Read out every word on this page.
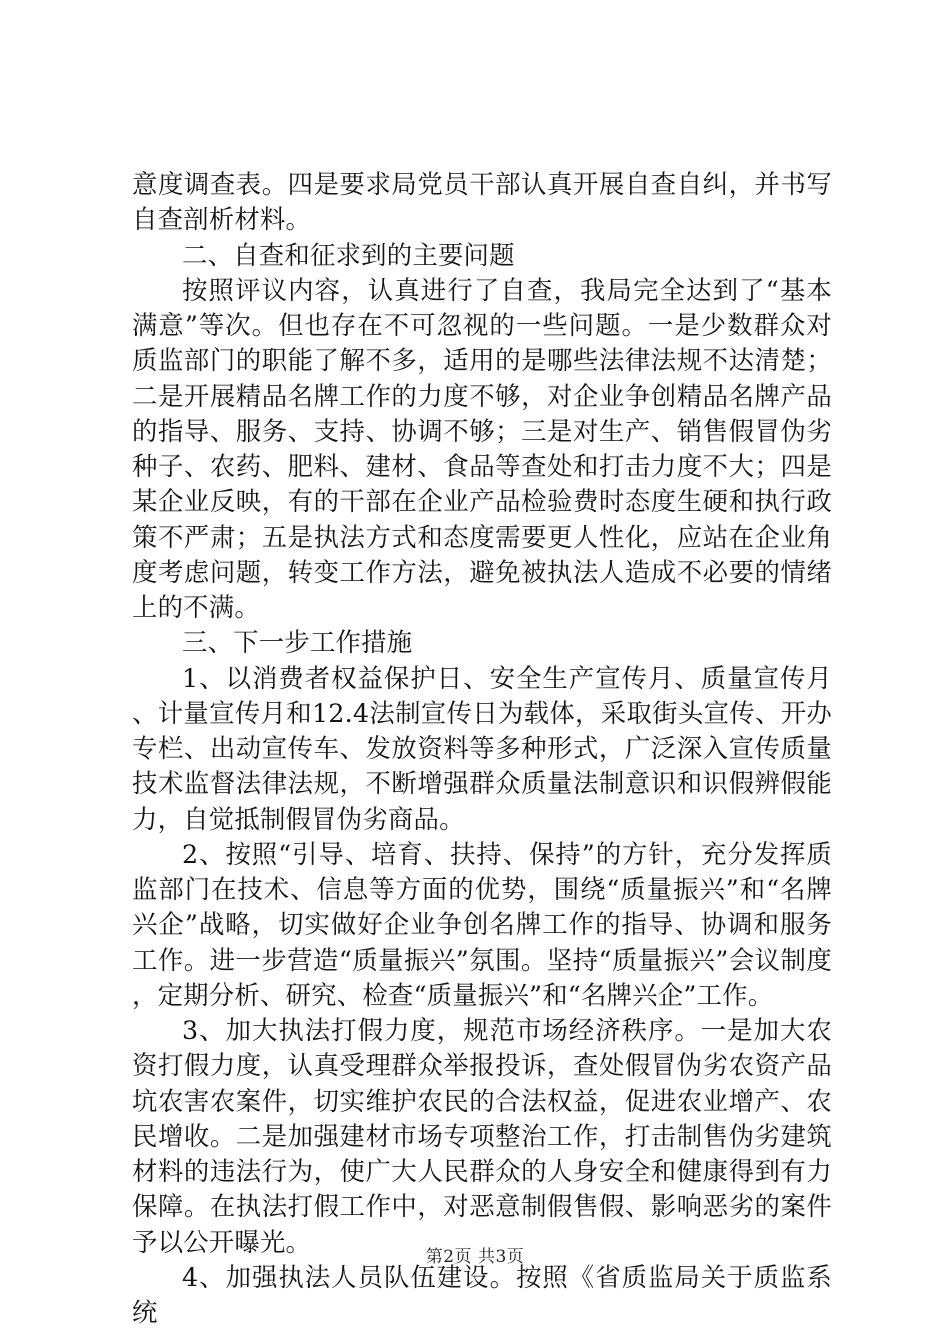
意度调查表。四是要求局党员干部认真开展自查自纠，并书写自查剖析材料。

二、自查和征求到的主要问题

按照评议内容，认真进行了自查，我局完全达到了“基本满意”等次。但也存在不可忽视的一些问题。一是少数群众对质监部门的职能了解不多，适用的是哪些法律法规不达清楚；二是开展精品名牌工作的力度不够，对企业争创精品名牌产品的指导、服务、支持、协调不够；三是对生产、销售假冒伪劣种子、农药、肥料、建材、食品等查处和打击力度不大；四是某企业反映，有的干部在企业产品检验费时态度生硬和执行政策不严肃；五是执法方式和态度需要更人性化，应站在企业角度考虑问题，转变工作方法，避免被执法人造成不必要的情绪上的不满。

三、下一步工作措施

1、以消费者权益保护日、安全生产宣传月、质量宣传月、计量宣传月和12.4法制宣传日为载体，采取街头宣传、开办专栏、出动宣传车、发放资料等多种形式，广泛深入宣传质量技术监督法律法规，不断增强群众质量法制意识和识假辨假能力，自觉抵制假冒伪劣商品。

2、按照“引导、培育、扶持、保持”的方针，充分发挥质监部门在技术、信息等方面的优势，围绕“质量振兴”和“名牌兴企”战略，切实做好企业争创名牌工作的指导、协调和服务工作。进一步营造“质量振兴”氛围。坚持“质量振兴”会议制度，定期分析、研究、检查“质量振兴”和“名牌兴企”工作。

3、加大执法打假力度，规范市场经济秩序。一是加大农资打假力度，认真受理群众举报投诉，查处假冒伪劣农资产品坑农害农案件，切实维护农民的合法权益，促进农业增产、农民增收。二是加强建材市场专项整治工作，打击制售伪劣建筑材料的违法行为，使广大人民群众的人身安全和健康得到有力保障。在执法打假工作中，对恶意制假售假、影响恶劣的案件予以公开曝光。

4、加强执法人员队伍建设。按照《省质监局关于质监系统

第2页 共3页
